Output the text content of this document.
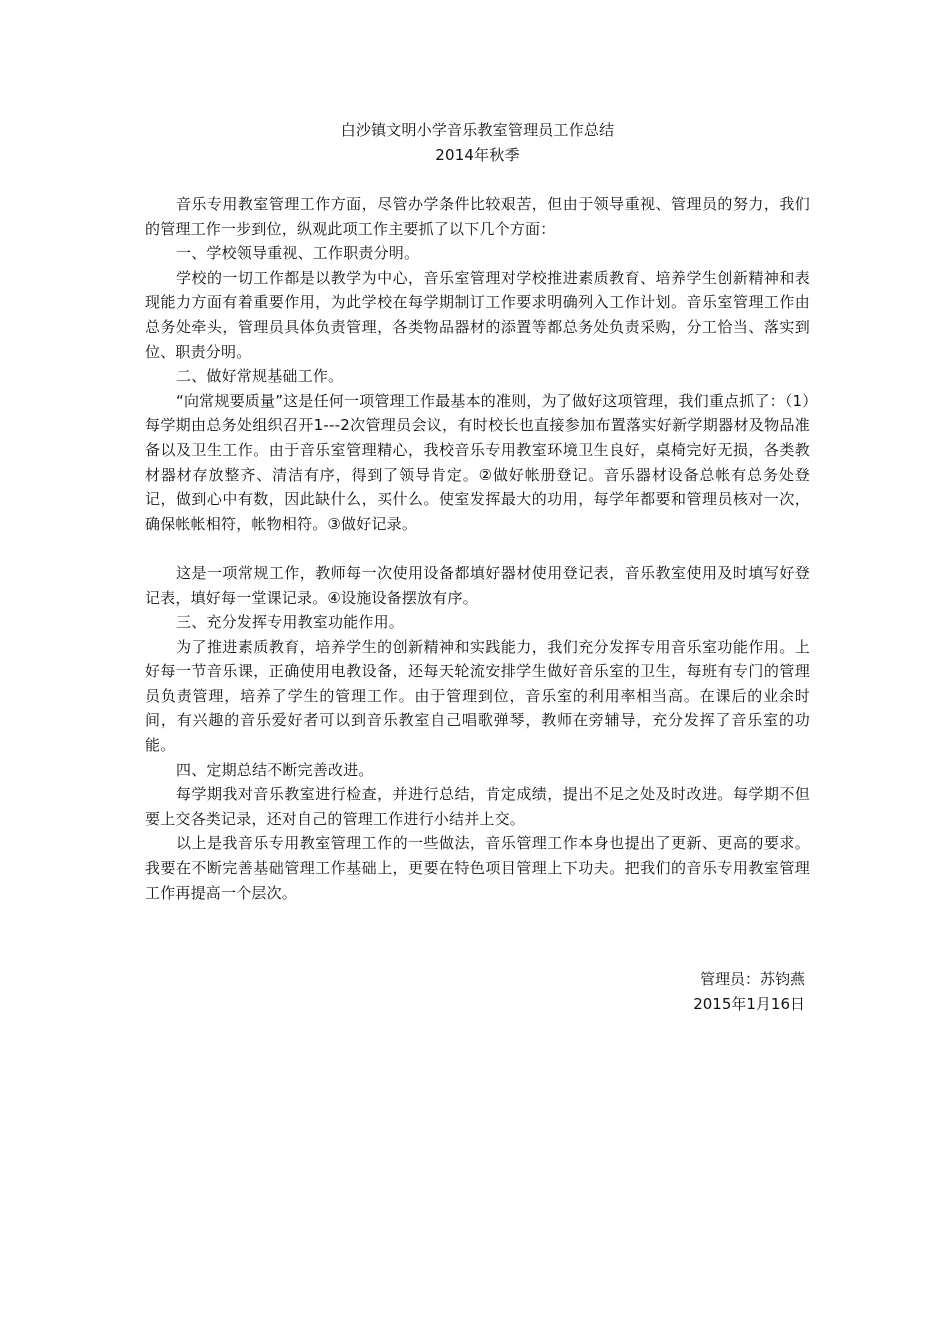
白沙镇文明小学音乐教室管理员工作总结
2014年秋季

音乐专用教室管理工作方面，尽管办学条件比较艰苦，但由于领导重视、管理员的努力，我们的管理工作一步到位，纵观此项工作主要抓了以下几个方面：

一、学校领导重视、工作职责分明。

学校的一切工作都是以教学为中心，音乐室管理对学校推进素质教育、培养学生创新精神和表现能力方面有着重要作用，为此学校在每学期制订工作要求明确列入工作计划。音乐室管理工作由总务处牵头，管理员具体负责管理，各类物品器材的添置等都总务处负责采购，分工恰当、落实到位、职责分明。

二、做好常规基础工作。

“向常规要质量”这是任何一项管理工作最基本的准则，为了做好这项管理，我们重点抓了：（1）每学期由总务处组织召开1---2次管理员会议，有时校长也直接参加布置落实好新学期器材及物品准备以及卫生工作。由于音乐室管理精心，我校音乐专用教室环境卫生良好，桌椅完好无损，各类教材器材存放整齐、清洁有序，得到了领导肯定。②做好帐册登记。音乐器材设备总帐有总务处登记，做到心中有数，因此缺什么，买什么。使室发挥最大的功用，每学年都要和管理员核对一次，确保帐帐相符，帐物相符。③做好记录。

这是一项常规工作，教师每一次使用设备都填好器材使用登记表，音乐教室使用及时填写好登记表，填好每一堂课记录。④设施设备摆放有序。

三、充分发挥专用教室功能作用。

为了推进素质教育，培养学生的创新精神和实践能力，我们充分发挥专用音乐室功能作用。上好每一节音乐课，正确使用电教设备，还每天轮流安排学生做好音乐室的卫生，每班有专门的管理员负责管理，培养了学生的管理工作。由于管理到位，音乐室的利用率相当高。在课后的业余时间，有兴趣的音乐爱好者可以到音乐教室自己唱歌弹琴，教师在旁辅导，充分发挥了音乐室的功能。

四、定期总结不断完善改进。

每学期我对音乐教室进行检查，并进行总结，肯定成绩，提出不足之处及时改进。每学期不但要上交各类记录，还对自己的管理工作进行小结并上交。

以上是我音乐专用教室管理工作的一些做法，音乐管理工作本身也提出了更新、更高的要求。我要在不断完善基础管理工作基础上，更要在特色项目管理上下功夫。把我们的音乐专用教室管理工作再提高一个层次。

管理员：苏钧燕
2015年1月16日
